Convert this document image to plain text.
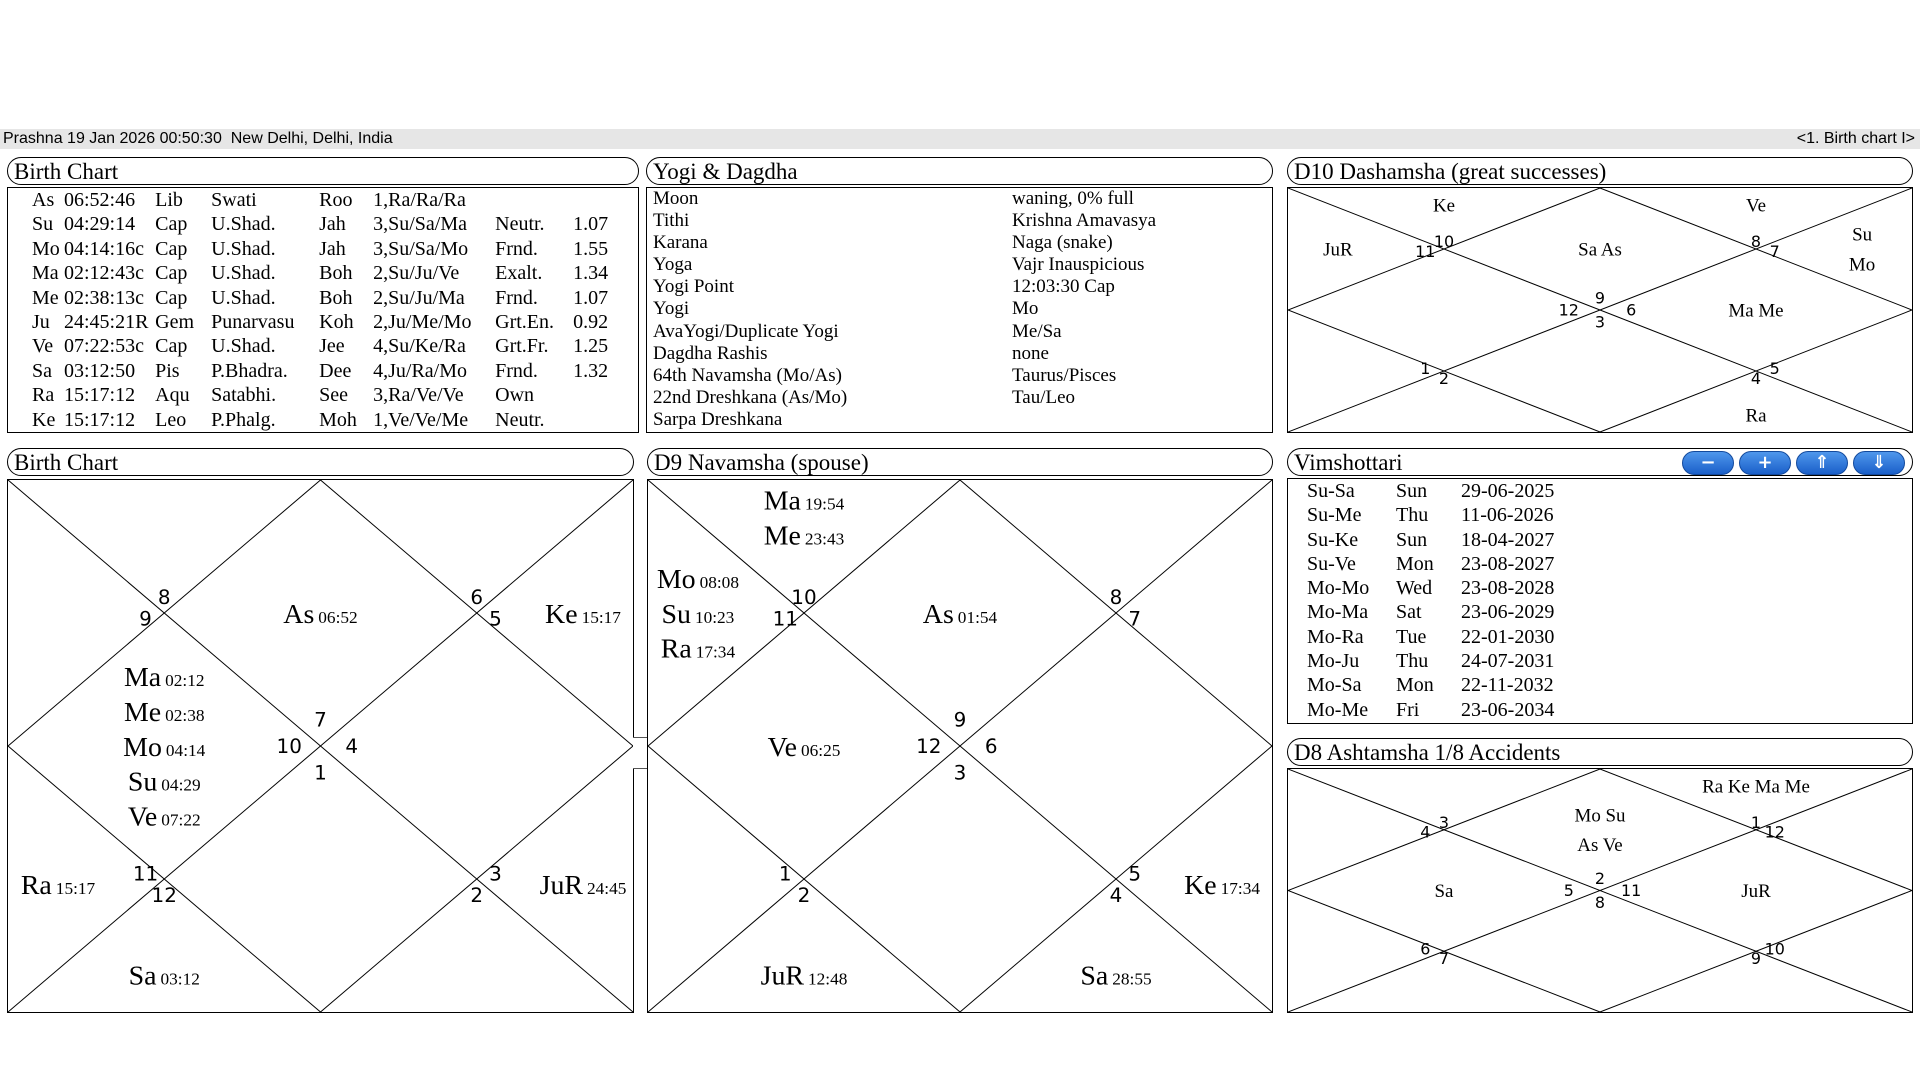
Prashna 19 Jan 2026 00:50:30  New Delhi, Delhi, India	<1. Birth chart I>
Birth Chart
As	06:52:46		Lib	Swati	Roo	1,Ra/Ra/Ra		
Su	04:29:14		Cap	U.Shad.	Jah	3,Su/Sa/Ma	Neutr.	1.07
Mo	04:14:16	c	Cap	U.Shad.	Jah	3,Su/Sa/Mo	Frnd.	1.55
Ma	02:12:43	c	Cap	U.Shad.	Boh	2,Su/Ju/Ve	Exalt.	1.34
Me	02:38:13	c	Cap	U.Shad.	Boh	2,Su/Ju/Ma	Frnd.	1.07
Ju	24:45:21	R	Gem	Punarvasu	Koh	2,Ju/Me/Mo	Grt.En.	0.92
Ve	07:22:53	c	Cap	U.Shad.	Jee	4,Su/Ke/Ra	Grt.Fr.	1.25
Sa	03:12:50		Pis	P.Bhadra.	Dee	4,Ju/Ra/Mo	Frnd.	1.32
Ra	15:17:12		Aqu	Satabhi.	See	3,Ra/Ve/Ve	Own	
Ke	15:17:12		Leo	P.Phalg.	Moh	1,Ve/Ve/Me	Neutr.	
Yogi & Dagdha
Moon	waning, 0% full
Tithi	Krishna Amavasya
Karana	Naga (snake)
Yoga	Vajr Inauspicious
Yogi Point	12:03:30 Cap
Yogi	Mo
AvaYogi/Duplicate Yogi	Me/Sa
Dagdha Rashis	none
64th Navamsha (Mo/As)	Taurus/Pisces
22nd Dreshkana (As/Mo)	Tau/Leo
Sarpa Dreshkana	
D10 Dashamsha (great successes)
9
Sa As
10
Ke
11
JuR
12
1
2
3
4
Ra
5
6	Ma Me
7
Su
Mo
8
Ve
Birth Chart
7
As 06:52
8
9
10
Ma 02:12
Me 02:38
Mo 04:14
Su 04:29
Ve 07:22
11
Ra 15:17	12
Sa 03:12
1
2
3 JuR 24:45
4
5 Ke 15:17
6
D9 Navamsha (spouse)
9
As 01:54
10
Ma 19:54
Me 23:43
11
Mo 08:08
Su 10:23
Ra 17:34
12
Ve 06:25
1
2
JuR 12:48
3
4
Sa 28:55
5 Ke 17:34
6
7
8
Vimshottari	−	+	⇑	⇓
Su-Sa	Sun	29-06-2025
Su-Me	Thu	11-06-2026
Su-Ke	Sun	18-04-2027
Su-Ve	Mon	23-08-2027
Mo-Mo	Wed	23-08-2028
Mo-Ma	Sat	23-06-2029
Mo-Ra	Tue	22-01-2030
Mo-Ju	Thu	24-07-2031
Mo-Sa	Mon	22-11-2032
Mo-Me	Fri	23-06-2034
D8 Ashtamsha 1/8 Accidents
2
Mo Su
As Ve
3
4
5
Sa
6
7
8
9
10
11	JuR
12
1
Ra Ke Ma Me
